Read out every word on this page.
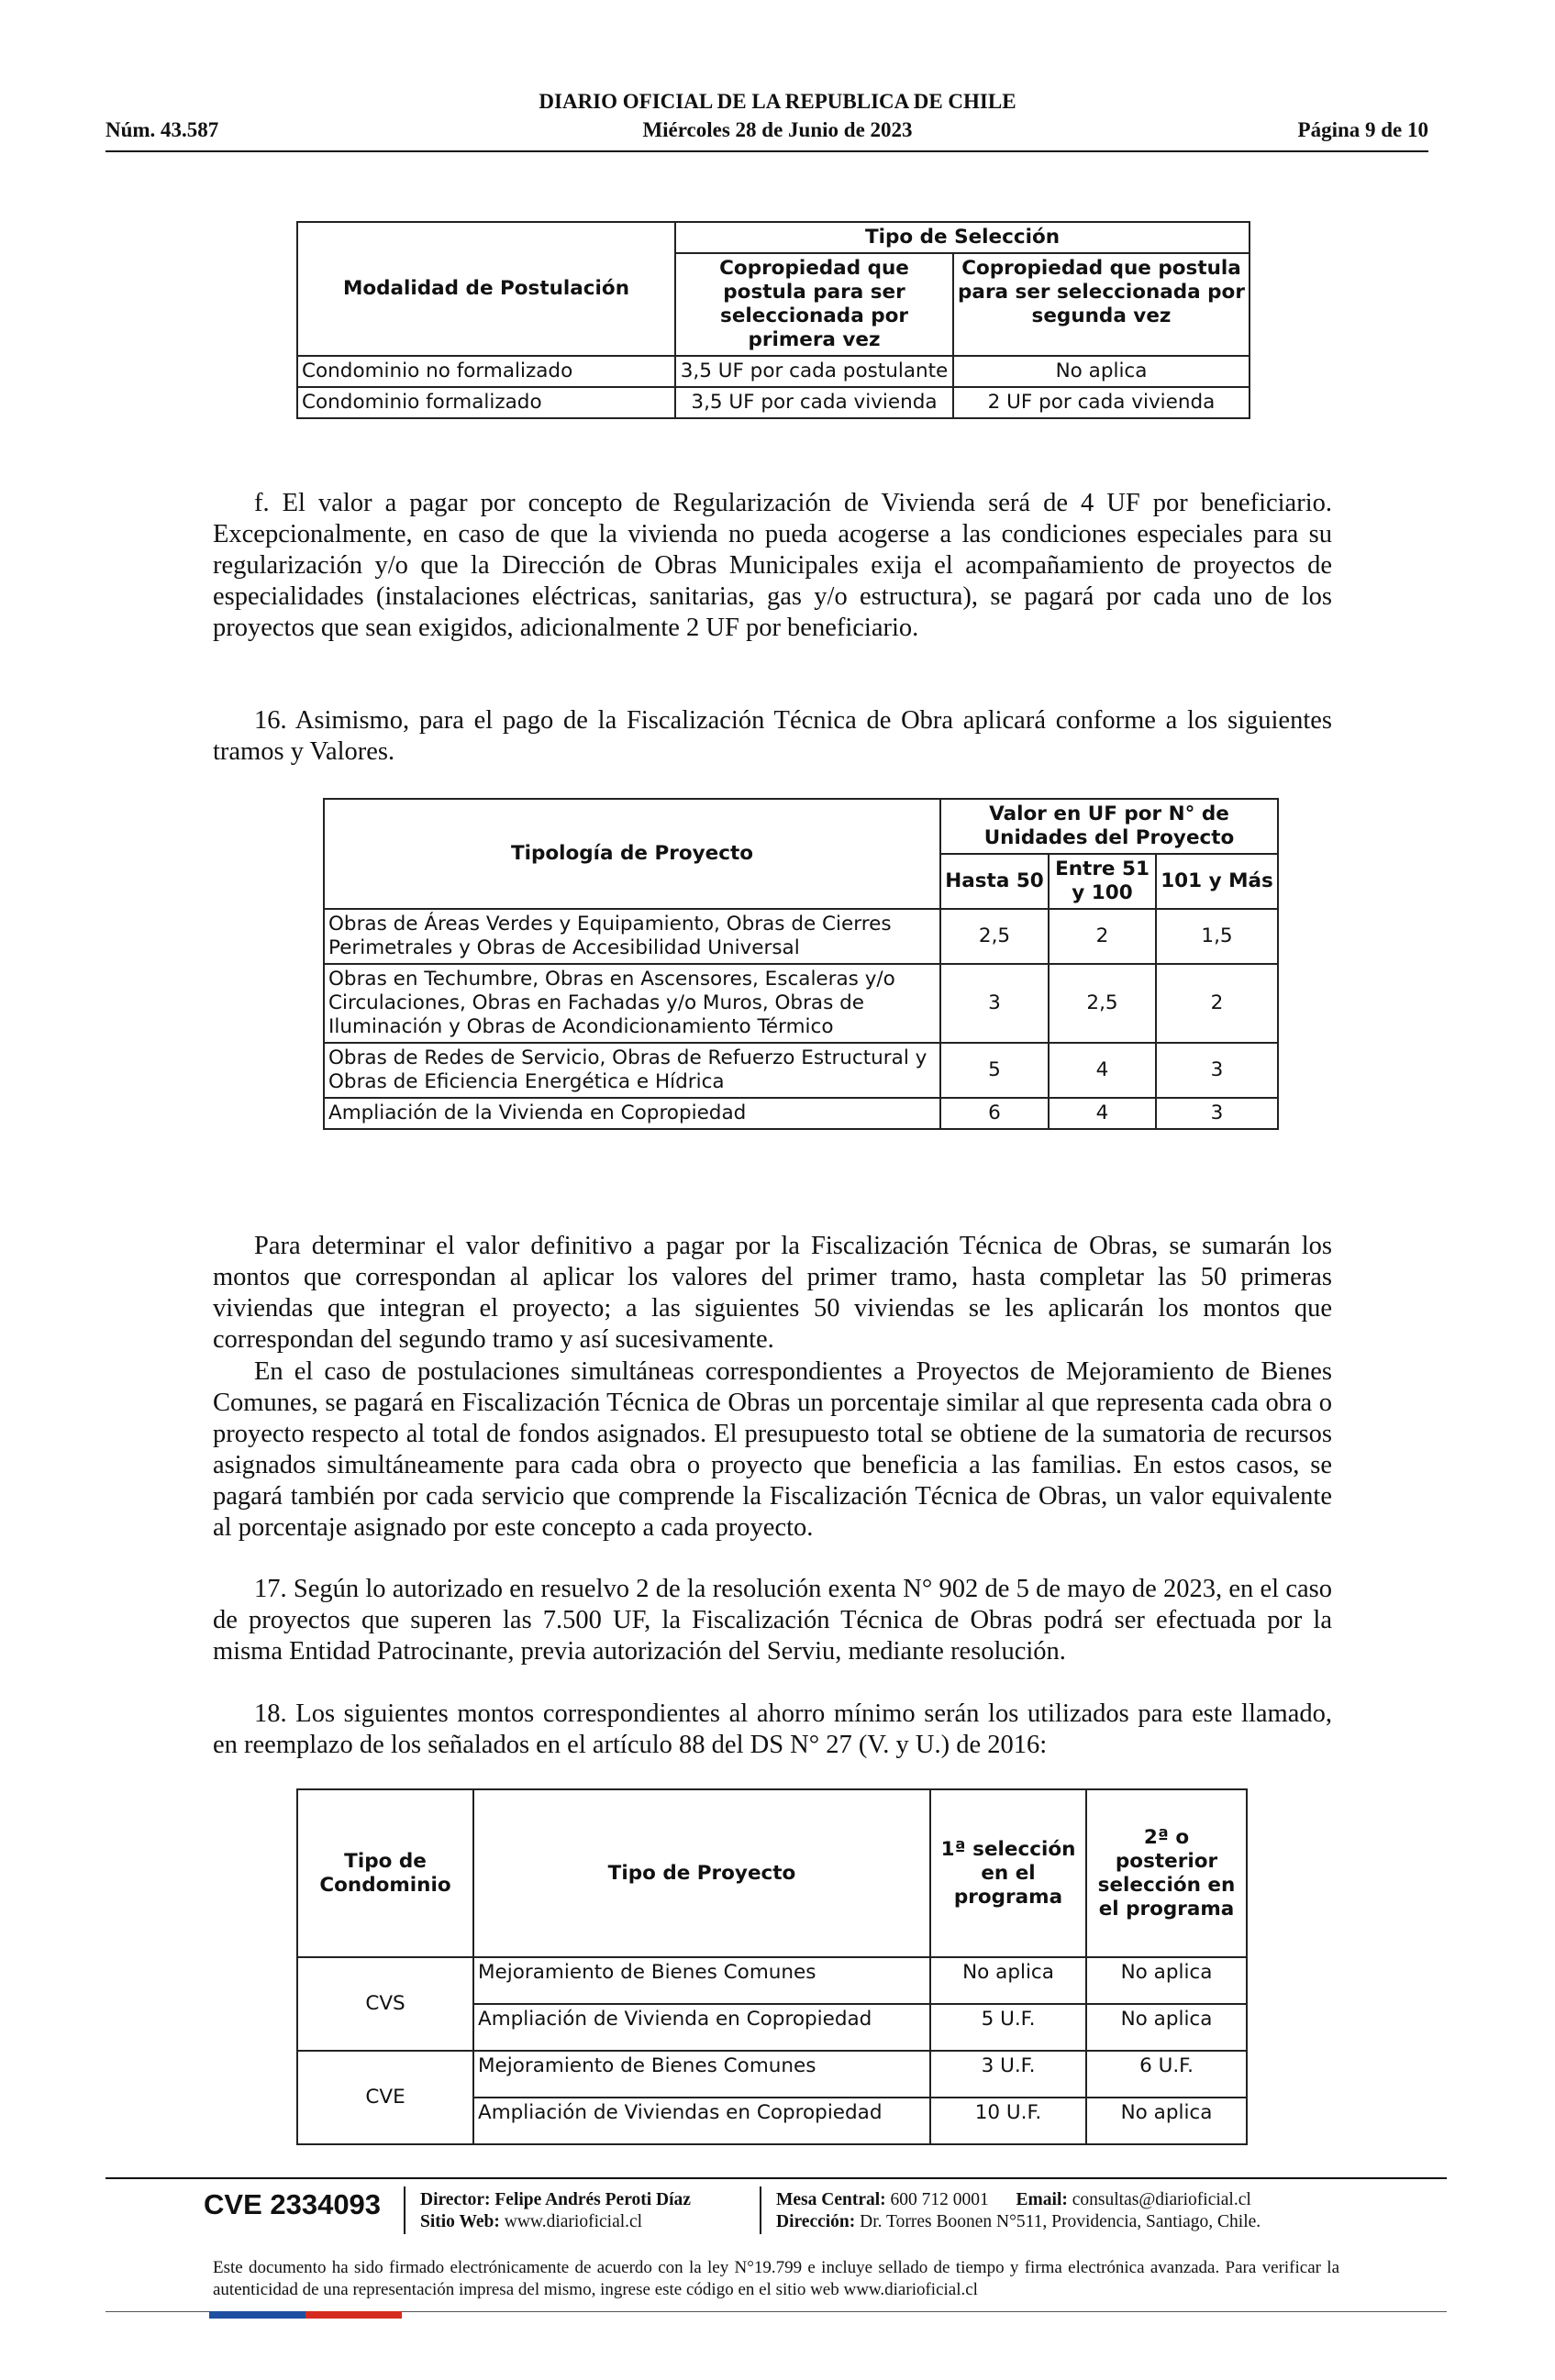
DIARIO OFICIAL DE LA REPUBLICA DE CHILE
Núm. 43.587	Miércoles 28 de Junio de 2023	Página 9 de 10
Modalidad de Postulación	Tipo de Selección	
	Copropiedad que postula para ser seleccionada por primera vez	Copropiedad que postula para ser seleccionada por segunda vez
Condominio no formalizado	3,5 UF por cada postulante	No aplica
Condominio formalizado	3,5 UF por cada vivienda	2 UF por cada vivienda
f. El valor a pagar por concepto de Regularización de Vivienda será de 4 UF por beneficiario. Excepcionalmente, en caso de que la vivienda no pueda acogerse a las condiciones especiales para su regularización y/o que la Dirección de Obras Municipales exija el acompañamiento de proyectos de especialidades (instalaciones eléctricas, sanitarias, gas y/o estructura), se pagará por cada uno de los proyectos que sean exigidos, adicionalmente 2 UF por beneficiario.
16. Asimismo, para el pago de la Fiscalización Técnica de Obra aplicará conforme a los siguientes tramos y Valores.
Tipología de Proyecto	Valor en UF por N° de Unidades del Proyecto		
	Hasta 50	Entre 51 y 100	101 y Más
Obras de Áreas Verdes y Equipamiento, Obras de Cierres Perimetrales y Obras de Accesibilidad Universal	2,5	2	1,5
Obras en Techumbre, Obras en Ascensores, Escaleras y/o Circulaciones, Obras en Fachadas y/o Muros, Obras de Iluminación y Obras de Acondicionamiento Térmico	3	2,5	2
Obras de Redes de Servicio, Obras de Refuerzo Estructural y Obras de Eficiencia Energética e Hídrica	5	4	3
Ampliación de la Vivienda en Copropiedad	6	4	3
Para determinar el valor definitivo a pagar por la Fiscalización Técnica de Obras, se sumarán los montos que correspondan al aplicar los valores del primer tramo, hasta completar las 50 primeras viviendas que integran el proyecto; a las siguientes 50 viviendas se les aplicarán los montos que correspondan del segundo tramo y así sucesivamente.
En el caso de postulaciones simultáneas correspondientes a Proyectos de Mejoramiento de Bienes Comunes, se pagará en Fiscalización Técnica de Obras un porcentaje similar al que representa cada obra o proyecto respecto al total de fondos asignados. El presupuesto total se obtiene de la sumatoria de recursos asignados simultáneamente para cada obra o proyecto que beneficia a las familias. En estos casos, se pagará también por cada servicio que comprende la Fiscalización Técnica de Obras, un valor equivalente al porcentaje asignado por este concepto a cada proyecto.
17. Según lo autorizado en resuelvo 2 de la resolución exenta N° 902 de 5 de mayo de 2023, en el caso de proyectos que superen las 7.500 UF, la Fiscalización Técnica de Obras podrá ser efectuada por la misma Entidad Patrocinante, previa autorización del Serviu, mediante resolución.
18. Los siguientes montos correspondientes al ahorro mínimo serán los utilizados para este llamado, en reemplazo de los señalados en el artículo 88 del DS N° 27 (V. y U.) de 2016:
Tipo de Condominio	Tipo de Proyecto	1ª selección en el programa	2ª o posterior selección en el programa
CVS	Mejoramiento de Bienes Comunes	No aplica	No aplica
	Ampliación de Vivienda en Copropiedad	5 U.F.	No aplica
CVE	Mejoramiento de Bienes Comunes	3 U.F.	6 U.F.
	Ampliación de Viviendas en Copropiedad	10 U.F.	No aplica
CVE 2334093 Director: Felipe Andrés Peroti Díaz
Sitio Web: www.diarioficial.cl
Mesa Central: 600 712 0001 Email: consultas@diarioficial.cl
Dirección: Dr. Torres Boonen N°511, Providencia, Santiago, Chile.
Este documento ha sido firmado electrónicamente de acuerdo con la ley N°19.799 e incluye sellado de tiempo y firma electrónica avanzada. Para verificar la autenticidad de una representación impresa del mismo, ingrese este código en el sitio web www.diarioficial.cl
